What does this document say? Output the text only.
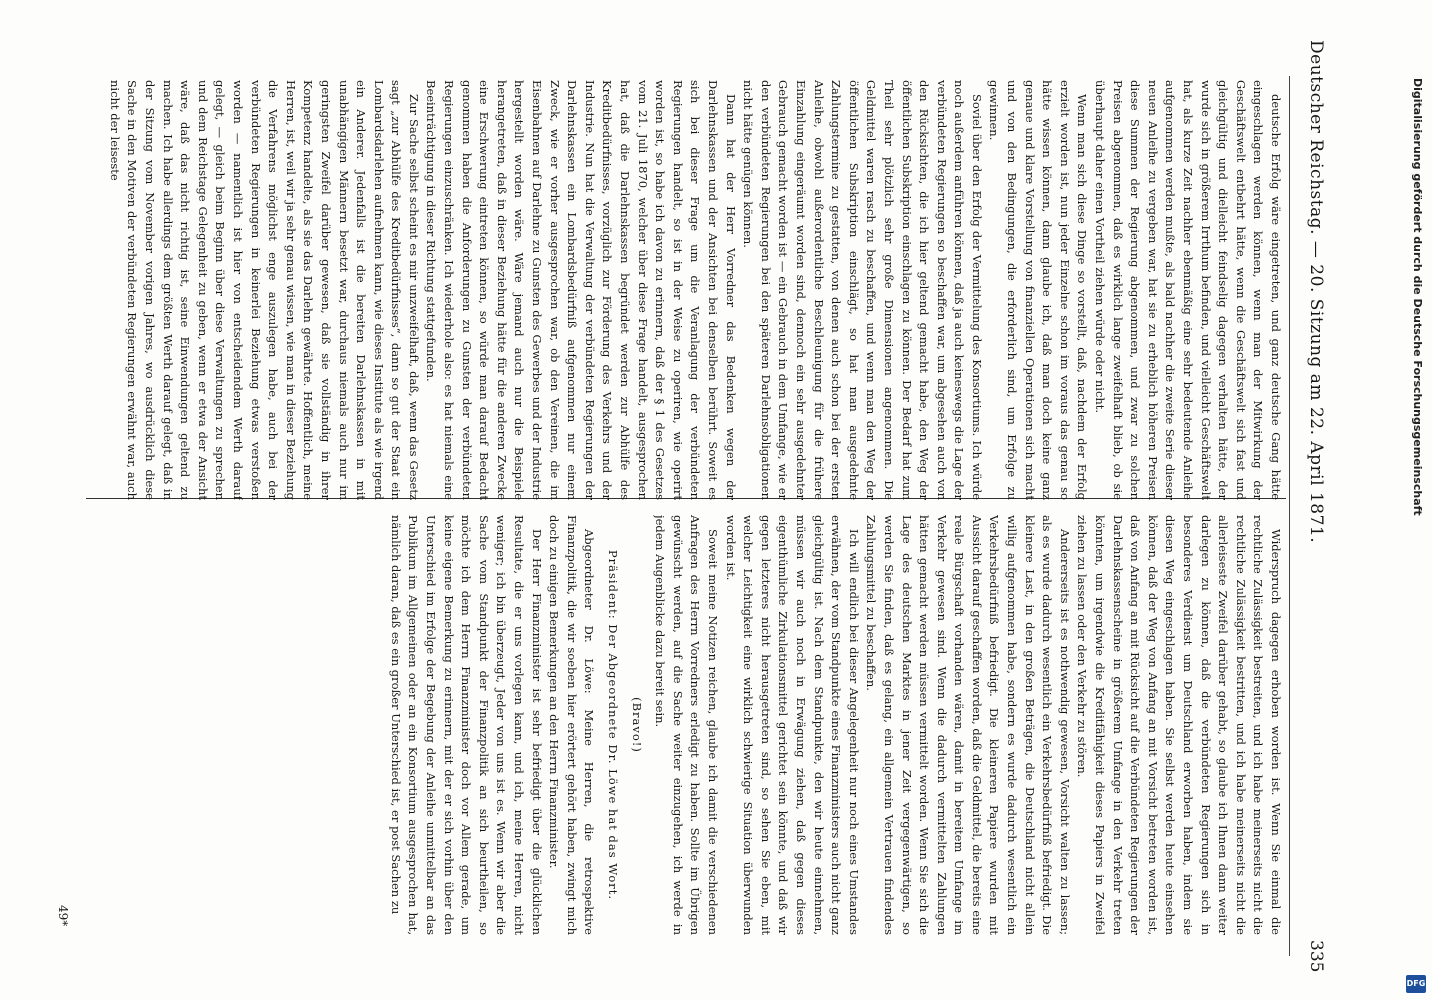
Deutscher Reichstag. — 20. Sitzung am 22. April 1871.
335

deutsche Erfolg wäre eingetreten, und ganz deutsche Gang hätte eingeschlagen werden können, wenn man der Mitwirkung der Geschäftswelt entbehrt hätte, wenn die Geschäftswelt sich fast und gleichgültig und dielleicht feindselig dagegen verhalten hätte, der wurde sich in größerem Irrthum befinden, und vielleicht Geschäftswelt hat, als kurze Zeit nachher ebenmäßig eine sehr bedeutende Anleihe aufgenommen werden mußte, als bald nachher die zweite Serie dieser neuen Anleihe zu vergeben war, hat sie zu erheblich höheren Preisen diese Summen der Regierung abgenommen, und zwar zu solchen Preisen abgenommen, daß es wirklich lange zweifelhaft blieb, ob sie überhaupt daher einen Vortheil ziehen würde oder nicht.

Wenn man sich diese Dinge so vorstellt, daß, nachdem der Erfolg erzielt worden ist, nun jeder Einzelne schon im voraus das genau so hätte wissen können, dann glaube ich, daß man doch keine ganz genaue und klare Vorstellung von finanziellen Operationen sich macht und von den Bedingungen, die erforderlich sind, um Erfolge zu gewinnen.

Soviel über den Erfolg der Vermittelung des Konsortiums. Ich würde noch außerdem anführen können, daß ja auch keineswegs die Lage der verbündeten Regierungen so beschaffen war, um abgesehen auch von den Rücksichten, die ich hier geltend gemacht habe, den Weg der öffentlichen Subskription einschlagen zu können. Der Bedarf hat zum Theil sehr plötzlich sehr große Dimensionen angenommen. Die Geldmittel waren rasch zu beschaffen, und wenn man den Weg der öffentlichen Subskription einschlägt, so hat man ausgedehnte Zahlungstermine zu gestatten, von denen auch schon bei der ersten Anleihe, obwohl außerordentliche Beschleunigung für die frühere Einzahlung eingeräumt worden sind, dennoch ein sehr ausgedehnter Gebrauch gemacht worden ist — ein Gebrauch in dem Umfange, wie er den verbündeten Regierungen bei den späteren Darlehnsobligationen nicht hätte genügen können.

Dann hat der Herr Vorredner das Bedenken wegen der Darlehnskassen und der Ansichten bei denselben berührt. Soweit es sich bei dieser Frage um die Veranlagung der verbündeten Regierungen handelt, so ist in der Weise zu operiren, wie operirt worden ist, so habe ich davon zu erinnern, daß der § 1 des Gesetzes vom 21. Juli 1870, welcher über diese Frage handelt, ausgesprochen hat, daß die Darlehnskassen begründet werden zur Abhülfe des Kreditbedürfnisses, vorzüglich zur Förderung des Verkehrs und der Industrie. Nun hat die Verwaltung der verbündeten Regierungen der Darlehnskassen ein Lombardsbedürfniß aufgenommen nur einem Zweck, wie er vorher ausgesprochen war, ob den Vereinen, die im Eisenbahnen auf Darlehne zu Gunsten des Gewerbes und der Industrie hergestellt worden wäre. Wäre jemand auch nur die Beispiele herangetreten, daß in dieser Beziehung hätte für die anderen Zwecke eine Erschwerung eintreten können, so würde man darauf Bedacht genommen haben die Anforderungen zu Gunsten der verbündeten Regierungen einzuschränken. Ich wiederhole also: es hat niemals eine Beeinträchtigung in dieser Richtung stattgefunden.

Zur Sache selbst scheint es mir unzweifelhaft, daß, wenn das Gesetz sagt „zur Abhülfe des Kreditbedürfnisses“, dann so gut der Staat ein Lombardsdarlehen aufnehmen kann, wie dieses Institute als wie irgend ein Anderer. Jedenfalls ist die bereiten Darlehnskassen in mit unabhängigen Männern besetzt war, durchaus niemals auch nur im geringsten Zweifel darüber gewesen, daß sie vollständig in ihrer Kompetenz handelte, als sie das Darlehn gewährte. Hoffentlich, meine Herren, ist, weil wir ja sehr genau wissen, wie man in dieser Beziehung die Verfahrens möglichst enge auszulegen habe, auch bei der verbündeten Regierungen in keinerlei Beziehung etwas verstoßen worden — namentlich ist hier von entscheidendem Werth darauf gelegt, — gleich beim Beginn über diese Verwaltungen zu sprechen und dem Reichstage Gelegenheit zu geben, wenn er etwa der Ansicht wäre, daß das nicht richtig ist, seine Einwendungen geltend zu machen. Ich habe allerdings dem größten Werth darauf gelegt, daß in der Sitzung vom November vorigen Jahres, wo ausdrücklich diese Sache in den Motiven der verbündeten Regierungen erwähnt war, auch nicht der leiseste

Widerspruch dagegen erhoben worden ist. Wenn Sie einmal die rechtliche Zulässigkeit bestreiten, und ich habe meinerseits nicht die rechtliche Zulässigkeit bestritten, und ich habe meinerseits nicht die allerleiseste Zweifel darüber gehabt, so glaube ich Ihnen dann weiter darlegen zu können, daß die verbündeten Regierungen sich in besonderes Verdienst um Deutschland erworben haben, indem sie diesen Weg eingeschlagen haben. Sie selbst werden heute einsehen können, daß der Weg von Anfang an mit Vorsicht betreten worden ist, daß von Anfang an mit Rücksicht auf die Verbündeten Regierungen der Darlehnskassenscheine in größerem Umfange in den Verkehr treten könnten, um irgendwie die Kreditfähigkeit dieses Papiers in Zweifel ziehen zu lassen oder den Verkehr zu stören.

Andererseits ist es nothwendig gewesen, Vorsicht walten zu lassen; als es wurde dadurch wesentlich ein Verkehrsbedürfniß befriedigt. Die kleinere Last, in den großen Beträgen, die Deutschland nicht allein willig aufgenommen habe, sondern es wurde dadurch wesentlich ein Verkehrsbedürfniß befriedigt. Die kleineren Papiere wurden mit Aussicht darauf geschaffen worden, daß die Geldmittel, die bereits eine reale Bürgschaft vorhanden wären, damit in bereitem Umfange im Verkehr gewesen sind. Wenn die dadurch vermittelten Zahlungen hätten gemacht werden müssen vermittelt worden. Wenn Sie sich die Lage des deutschen Marktes in jener Zeit vergegenwärtigen, so werden Sie finden, daß es gelang, ein allgemein Vertrauen findendes Zahlungsmittel zu beschaffen.

Ich will endlich bei dieser Angelegenheit nur noch eines Umstandes erwähnen, der vom Standpunkte eines Finanzministers auch nicht ganz gleichgültig ist. Nach dem Standpunkte, den wir heute einnehmen, müssen wir auch noch in Erwägung ziehen, daß gegen dieses eigenthümliche Zirkulationsmittel gerichtet sein könnte, und daß wir gegen letzteres nicht herausgetreten sind, so sehen Sie eben, mit welcher Leichtigkeit eine wirklich schwierige Situation überwunden worden ist.

Soweit meine Notizen reichen, glaube ich damit die verschiedenen Anfragen des Herrn Vorredners erledigt zu haben. Sollte im Übrigen gewünscht werden, auf die Sache weiter einzugehen, ich werde in jedem Augenblicke dazu bereit sein.

(Bravo!)

Präsident: Der Abgeordnete Dr. Löwe hat das Wort.

Abgeordneter Dr. Löwe: Meine Herren, die retrospektive Finanzpolitik, die wir soeben hier erörtert gehört haben, zwingt mich doch zu einigen Bemerkungen an den Herrn Finanzminister.

Der Herr Finanzminister ist sehr befriedigt über die glücklichen Resultate, die er uns vorlegen kann, und ich, meine Herren, nicht weniger; ich bin überzeugt, Jeder von uns ist es. Wenn wir aber die Sache vom Standpunkt der Finanzpolitik an sich beurtheilen, so möchte ich dem Herrn Finanzminister doch vor Allem gerade, um keine eigene Bemerkung zu erinnern, mit der er sich vorhin über den Unterschied im Erfolge der Begebung der Anleihe unmittelbar an das Publikum im Allgemeinen oder an ein Konsortium ausgesprochen hat, nämlich daran, daß es ein großer Unterschied ist, er post Sachen zu

49*
Digitalisierung gefördert durch die Deutsche Forschungsgemeinschaft
DFG
